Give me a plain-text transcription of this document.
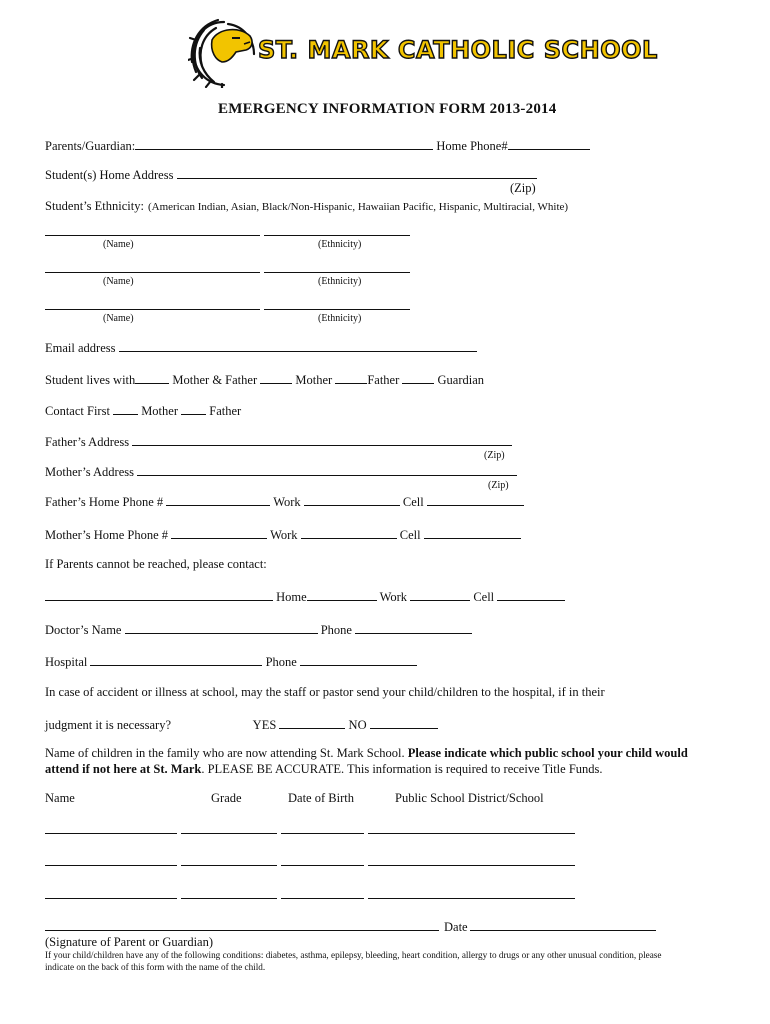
ST. MARK CATHOLIC SCHOOL
EMERGENCY INFORMATION FORM 2013-2014
Parents/Guardian:	Home Phone#
Student(s) Home Address
(Zip)
Student’s Ethnicity: (American Indian, Asian, Black/Non-Hispanic, Hawaiian Pacific, Hispanic, Multiracial, White)
(Name)	(Ethnicity)
(Name)	(Ethnicity)
(Name)	(Ethnicity)
Email address
Student lives with	Mother & Father	Mother	Father	Guardian
Contact First	Mother	Father
Father’s Address
(Zip)
Mother’s Address
(Zip)
Father’s Home Phone #	Work	Cell
Mother’s Home Phone #	Work	Cell
If Parents cannot be reached, please contact:
Home	Work	Cell
Doctor’s Name	Phone
Hospital	Phone
In case of accident or illness at school, may the staff or pastor send your child/children to the hospital, if in their
judgment it is necessary?	YES	NO
Name of children in the family who are now attending St. Mark School. Please indicate which public school your child would
attend if not here at St. Mark. PLEASE BE ACCURATE. This information is required to receive Title Funds.
Name	Grade	Date of Birth	Public School District/School
Date
(Signature of Parent or Guardian)
If your child/children have any of the following conditions: diabetes, asthma, epilepsy, bleeding, heart condition, allergy to drugs or any other unusual condition, please
indicate on the back of this form with the name of the child.
